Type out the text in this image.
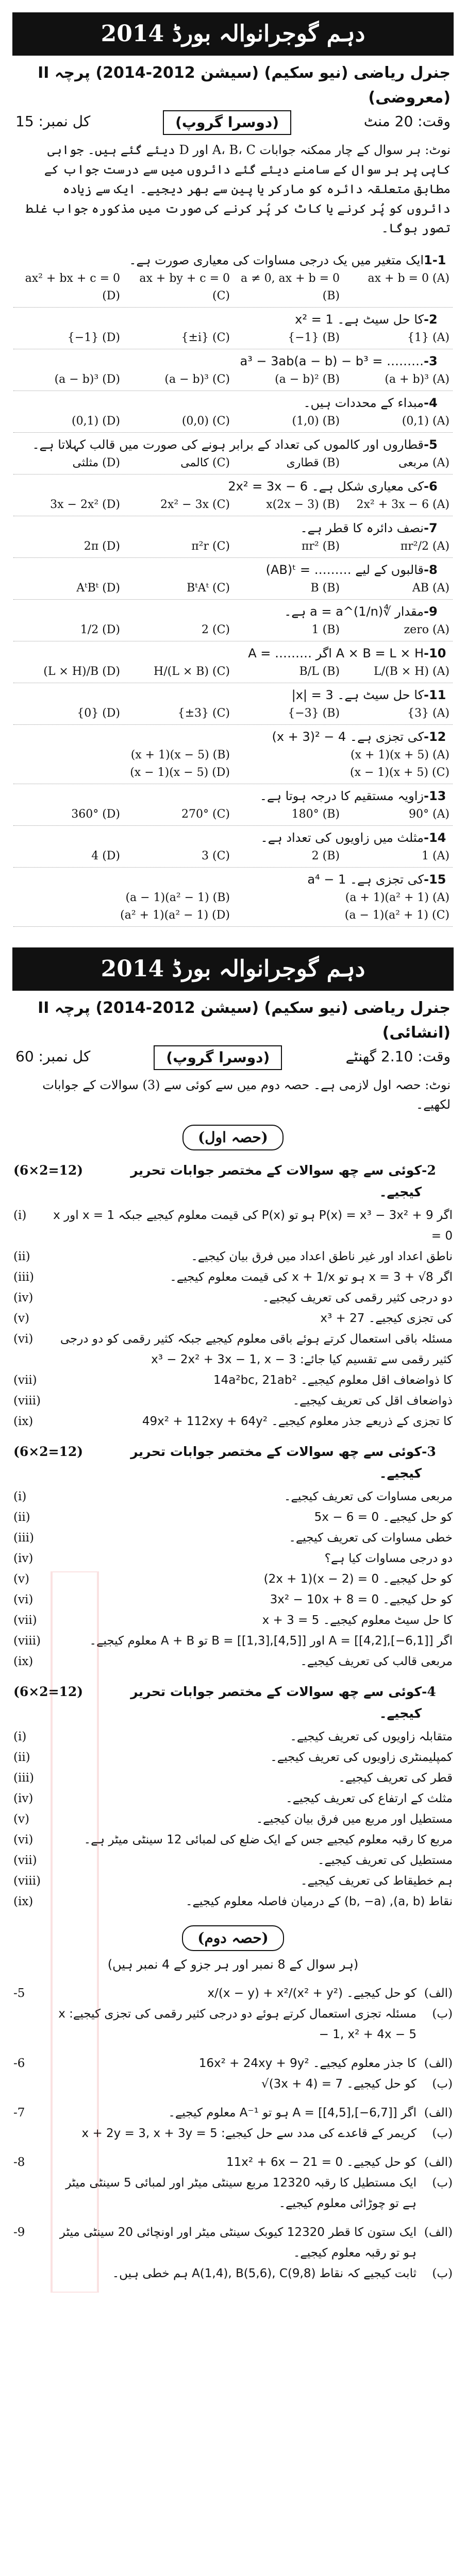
دہم گوجرانوالہ بورڈ 2014
جنرل ریاضی (نیو سکیم) (سیشن 2012-2014) پرچہ II (معروضی)
وقت: 20 منٹ
(دوسرا گروپ)
کل نمبر: 15
نوٹ: ہر سوال کے چار ممکنہ جوابات A، B، C اور D دیئے گئے ہیں۔ جوابی کاپی پر ہر سوال کے سامنے دیئے گئے دائروں میں سے درست جواب کے مطابق متعلقہ دائرہ کو مارکر یا پین سے بھر دیجیے۔ ایک سے زیادہ دائروں کو پُر کرنے یا کاٹ کر پُر کرنے کی صورت میں مذکورہ جواب غلط تصور ہوگا۔
ایک متغیر میں یک درجی مساوات کی معیاری صورت ہے۔ 1-1
ax + b = 0 (A)
a ≠ 0, ax + b = 0 (B)
ax + by + c = 0 (C)
ax² + bx + c = 0 (D)
x² = 1 کا حل سیٹ ہے۔ -2
{1} (A)
{−1} (B)
{±i} (C)
{−1} (D)
a³ − 3ab(a − b) − b³ = ……… -3
(a + b)³ (A)
(a − b)² (B)
(a − b)³ (C)
(a − b)³ (D)
مبداء کے محددات ہیں۔ -4
(0,1) (A)
(1,0) (B)
(0,0) (C)
(0,1) (D)
قطاروں اور کالموں کی تعداد کے برابر ہونے کی صورت میں قالب کہلاتا ہے۔ -5
مربعی (A)
قطاری (B)
کالمی (C)
مثلثی (D)
2x² = 3x − 6 کی معیاری شکل ہے۔ -6
2x² + 3x − 6 (A)
x(2x − 3) (B)
2x² − 3x (C)
3x − 2x² (D)
نصف دائرہ کا قطر ہے۔ -7
πr²/2 (A)
πr² (B)
π²r (C)
2π (D)
(AB)ᵗ = ……… قالبوں کے لیے -8
AB (A)
B (B)
BᵗAᵗ (C)
AᵗBᵗ (D)
مقدار ∜a = a^(1/n) ہے۔ -9
zero (A)
1 (B)
2 (C)
1/2 (D)
A = ……… اگر A × B = L × H -10
L/(B × H) (A)
B/L (B)
H/(L × B) (C)
(L × H)/B (D)
|x| = 3 کا حل سیٹ ہے۔ -11
{3} (A)
{−3} (B)
{±3} (C)
{0} (D)
(x + 3)² − 4 کی تجزی ہے۔ -12
(x + 1)(x + 5) (A)
(x + 1)(x − 5) (B)
(x − 1)(x + 5) (C)
(x − 1)(x − 5) (D)
زاویہ مستقیم کا درجہ ہوتا ہے۔ -13
90° (A)
180° (B)
270° (C)
360° (D)
مثلث میں زاویوں کی تعداد ہے۔ -14
1 (A)
2 (B)
3 (C)
4 (D)
a⁴ − 1 کی تجزی ہے۔ -15
(a + 1)(a² + 1) (A)
(a − 1)(a² − 1) (B)
(a − 1)(a² + 1) (C)
(a² + 1)(a² − 1) (D)
دہم گوجرانوالہ بورڈ 2014
جنرل ریاضی (نیو سکیم) (سیشن 2012-2014) پرچہ II (انشائی)
وقت: 2.10 گھنٹے
(دوسرا گروپ)
کل نمبر: 60
نوٹ: حصہ اول لازمی ہے۔ حصہ دوم میں سے کوئی سے (3) سوالات کے جوابات لکھیے۔
(حصہ اول)
(6×2=12)	کوئی سے چھ سوالات کے مختصر جوابات تحریر کیجیے۔
-2
(i)	اگر P(x) = x³ − 3x² + 9 ہو تو P(x) کی قیمت معلوم کیجیے جبکہ x = 1 اور x = 0
(ii)	ناطق اعداد اور غیر ناطق اعداد میں فرق بیان کیجیے۔
(iii)	اگر x = 3 + √8 ہو تو x + 1/x کی قیمت معلوم کیجیے۔
(iv)	دو درجی کثیر رقمی کی تعریف کیجیے۔
(v)	x³ + 27 کی تجزی کیجیے۔
(vi)	مسئلہ باقی استعمال کرتے ہوئے باقی معلوم کیجیے جبکہ کثیر رقمی کو دو درجی کثیر رقمی سے تقسیم کیا جائے: x³ − 2x² + 3x − 1, x − 3
(vii)	14a²bc, 21ab² کا ذواضعاف اقل معلوم کیجیے۔
(viii)	ذواضعاف اقل کی تعریف کیجیے۔
(ix)	49x² + 112xy + 64y² کا تجزی کے ذریعے جذر معلوم کیجیے۔
(6×2=12)	کوئی سے چھ سوالات کے مختصر جوابات تحریر کیجیے۔
-3
(i)	مربعی مساوات کی تعریف کیجیے۔
(ii)	5x − 6 = 0 کو حل کیجیے۔
(iii)	خطی مساوات کی تعریف کیجیے۔
(iv)	دو درجی مساوات کیا ہے؟
(v)	(2x + 1)(x − 2) = 0 کو حل کیجیے۔
(vi)	3x² − 10x + 8 = 0 کو حل کیجیے۔
(vii)	x + 3 = 5 کا حل سیٹ معلوم کیجیے۔
(viii)	اگر A = [[4,2],[−6,1]] اور B = [[1,3],[4,5]] تو A + B معلوم کیجیے۔
(ix)	مربعی قالب کی تعریف کیجیے۔
(6×2=12)	کوئی سے چھ سوالات کے مختصر جوابات تحریر کیجیے۔
-4
(i)	متقابلہ زاویوں کی تعریف کیجیے۔
(ii)	کمپلیمنٹری زاویوں کی تعریف کیجیے۔
(iii)	قطر کی تعریف کیجیے۔
(iv)	مثلث کے ارتفاع کی تعریف کیجیے۔
(v)	مستطیل اور مربع میں فرق بیان کیجیے۔
(vi)	مربع کا رقبہ معلوم کیجیے جس کے ایک ضلع کی لمبائی 12 سینٹی میٹر ہے۔
(vii)	مستطیل کی تعریف کیجیے۔
(viii)	ہم خطیقاط کی تعریف کیجیے۔
(ix)	نقاط (a, b), (b, −a) کے درمیان فاصلہ معلوم کیجیے۔
(حصہ دوم)
(ہر سوال کے 8 نمبر اور ہر جزو کے 4 نمبر ہیں)
-5	x/(x − y) + x²/(x² + y²) کو حل کیجیے۔ (الف)
مسئلہ تجزی استعمال کرتے ہوئے دو درجی کثیر رقمی کی تجزی کیجیے: x − 1, x² + 4x − 5
(ب)
-6	16x² + 24xy + 9y² کا جذر معلوم کیجیے۔ (الف)
√(3x + 4) = 7 کو حل کیجیے۔	(ب)
-7	اگر A = [[4,5],[−6,7]] ہو تو A⁻¹ معلوم کیجیے۔ (الف)
کریمر کے قاعدے کی مدد سے حل کیجیے: x + 2y = 3, x + 3y = 5	(ب)
-8	11x² + 6x − 21 = 0 کو حل کیجیے۔ (الف)
ایک مستطیل کا رقبہ 12320 مربع سینٹی میٹر اور لمبائی 5 سینٹی میٹر ہے تو چوڑائی معلوم کیجیے۔
(ب)
-9	ایک ستون کا قطر 12320 کیوبک سینٹی میٹر اور اونچائی 20 سینٹی میٹر ہو تو رقبہ معلوم کیجیے۔
(الف)
ثابت کیجیے کہ نقاط A(1,4), B(5,6), C(9,8) ہم خطی ہیں۔	(ب)
